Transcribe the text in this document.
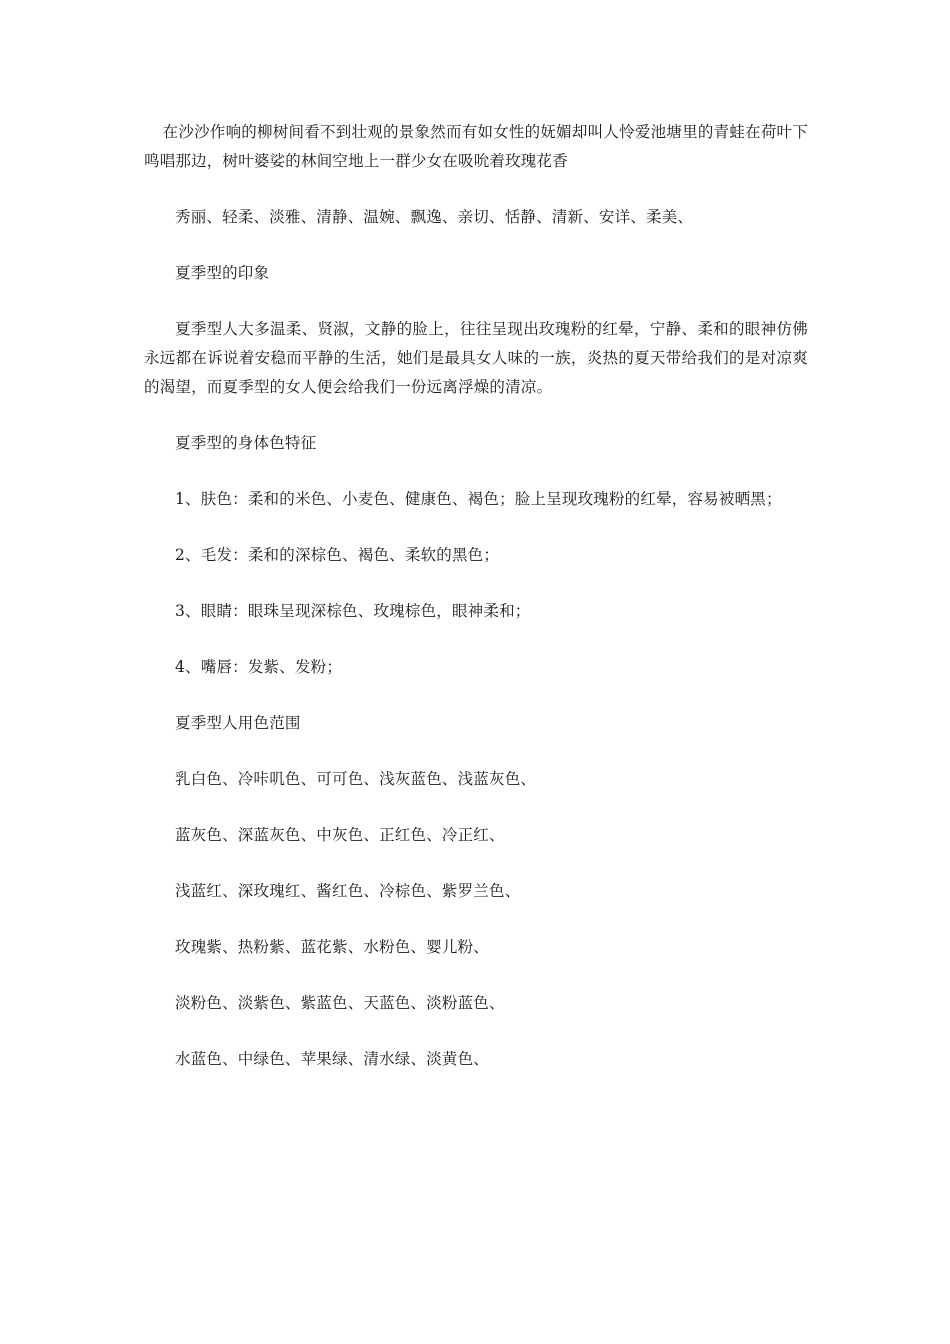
在沙沙作响的柳树间看不到壮观的景象然而有如女性的妩媚却叫人怜爱池塘里的青蛙在荷叶下鸣唱那边，树叶婆娑的林间空地上一群少女在吸吮着玫瑰花香

秀丽、轻柔、淡雅、清静、温婉、飘逸、亲切、恬静、清新、安详、柔美、

夏季型的印象

夏季型人大多温柔、贤淑，文静的脸上，往往呈现出玫瑰粉的红晕，宁静、柔和的眼神仿佛永远都在诉说着安稳而平静的生活，她们是最具女人味的一族，炎热的夏天带给我们的是对凉爽的渴望，而夏季型的女人便会给我们一份远离浮燥的清凉。

夏季型的身体色特征

1、肤色：柔和的米色、小麦色、健康色、褐色；脸上呈现玫瑰粉的红晕，容易被晒黑；

2、毛发：柔和的深棕色、褐色、柔软的黑色；

3、眼睛：眼珠呈现深棕色、玫瑰棕色，眼神柔和；

4、嘴唇：发紫、发粉；

夏季型人用色范围

乳白色、冷咔叽色、可可色、浅灰蓝色、浅蓝灰色、

蓝灰色、深蓝灰色、中灰色、正红色、冷正红、

浅蓝红、深玫瑰红、酱红色、冷棕色、紫罗兰色、

玫瑰紫、热粉紫、蓝花紫、水粉色、婴儿粉、

淡粉色、淡紫色、紫蓝色、天蓝色、淡粉蓝色、

水蓝色、中绿色、苹果绿、清水绿、淡黄色、
